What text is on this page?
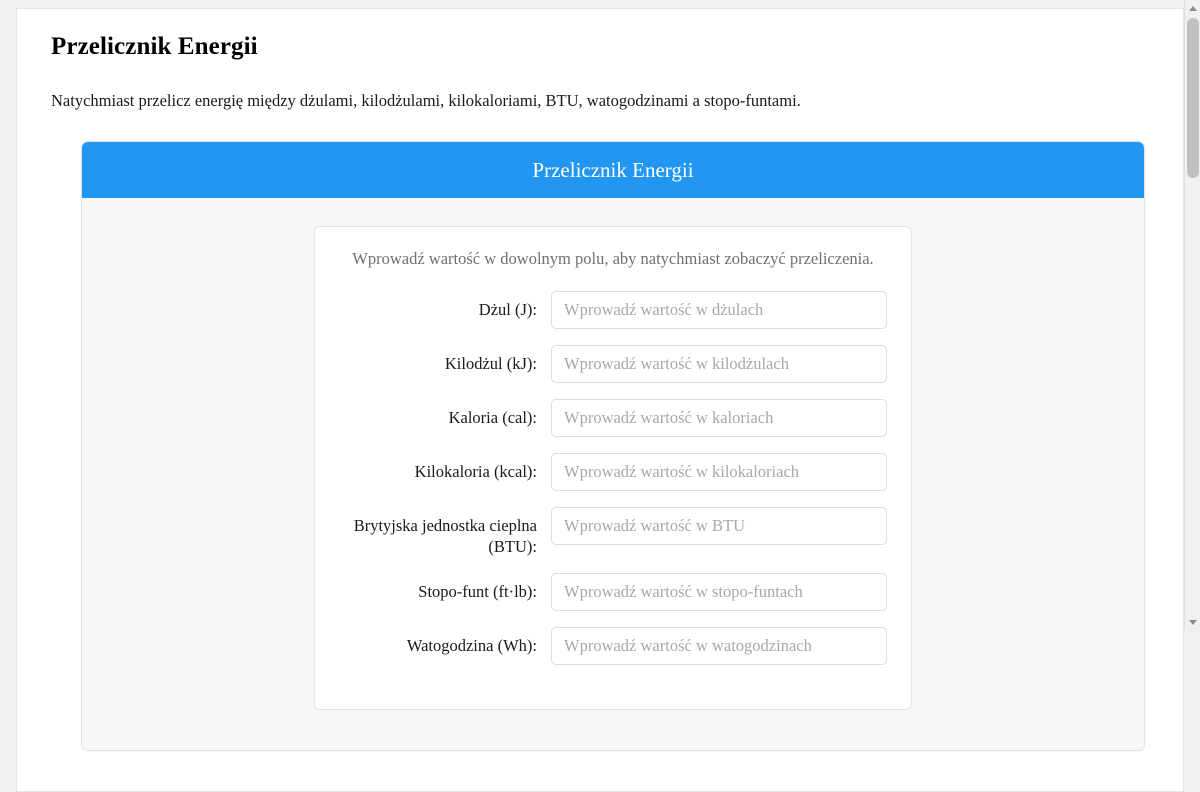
Przelicznik Energii

Natychmiast przelicz energię między dżulami, kilodżulami, kilokaloriami, BTU, watogodzinami a stopo-funtami.

Przelicznik Energii
Wprowadź wartość w dowolnym polu, aby natychmiast zobaczyć przeliczenia.
Dżul (J):
Wprowadź wartość w dżulach
Kilodżul (kJ):
Wprowadź wartość w kilodżulach
Kaloria (cal):
Wprowadź wartość w kaloriach
Kilokaloria (kcal):
Wprowadź wartość w kilokaloriach
Brytyjska jednostka cieplna (BTU):
Wprowadź wartość w BTU
Stopo-funt (ft·lb):
Wprowadź wartość w stopo-funtach
Watogodzina (Wh):
Wprowadź wartość w watogodzinach
